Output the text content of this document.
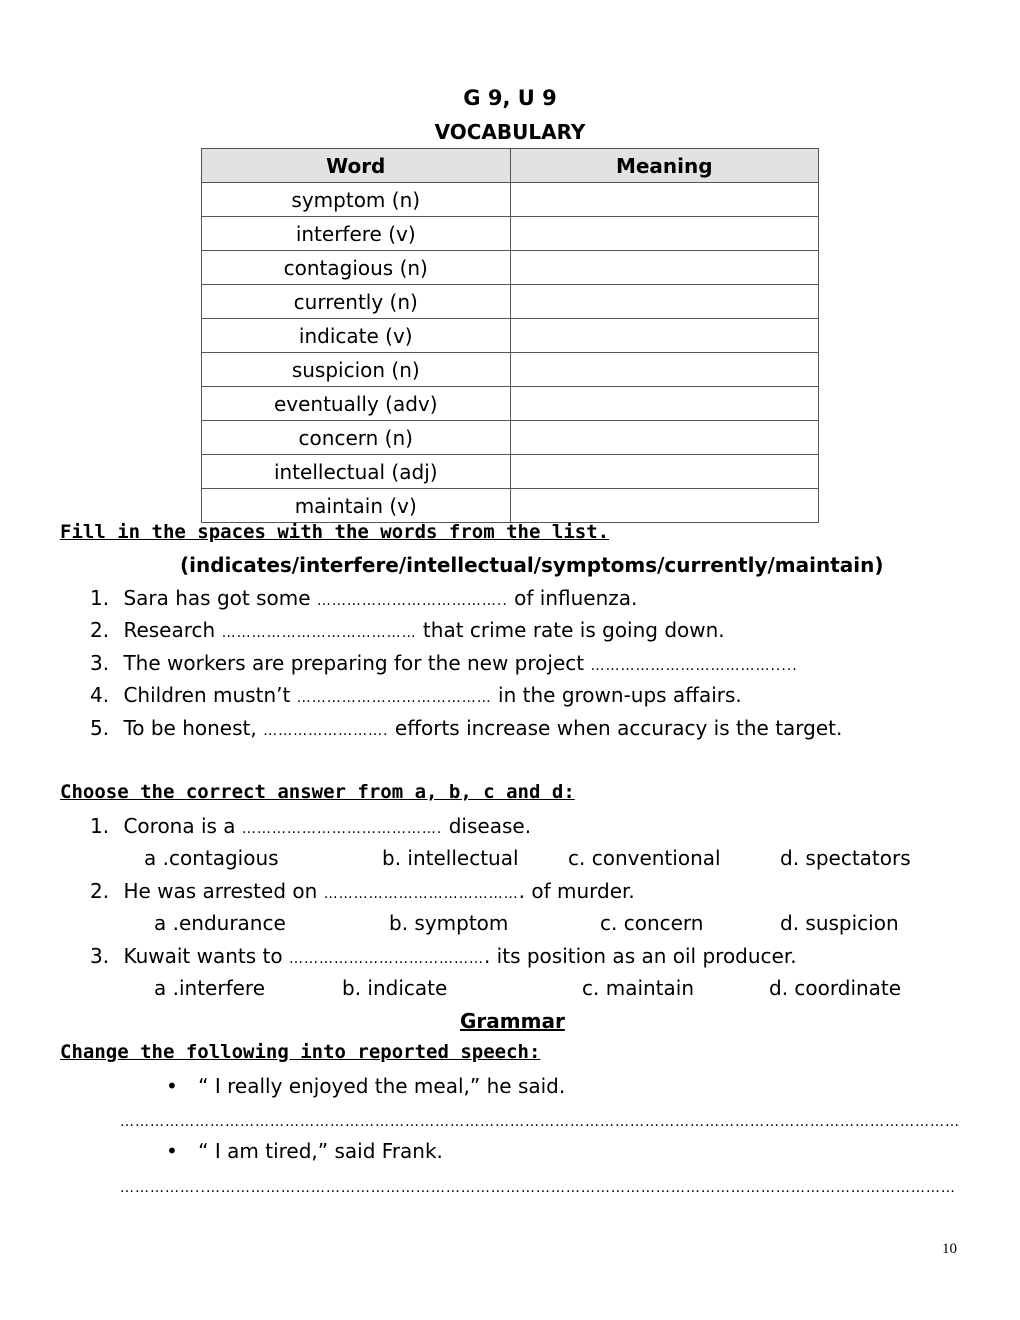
G 9, U 9
VOCABULARY
Word	Meaning
symptom (n)	
interfere (v)	
contagious (n)	
currently (n)	
indicate (v)	
suspicion (n)	
eventually (adv)	
concern (n)	
intellectual (adj)	
maintain (v)	
Fill in the spaces with the words from the list.
(indicates/interfere/intellectual/symptoms/currently/maintain)
1. Sara has got some ……………………………….. of influenza.
2. Research ………………………………… that crime rate is going down.
3. The workers are preparing for the new project ……………………………….....
4. Children mustn’t ………………………………… in the grown-ups affairs.
5. To be honest, ……………………. efforts increase when accuracy is the target.
Choose the correct answer from a, b, c and d:
1. Corona is a …………………………………. disease.
a .contagious	b. intellectual c. conventional	d. spectators
2. He was arrested on …………………………………. of murder.
a .endurance	b. symptom	c. concern	d. suspicion
3. Kuwait wants to …………………………………. its position as an oil producer.
a .interfere	b. indicate	c. maintain	d. coordinate
Grammar
Change the following into reported speech:
• “ I really enjoyed the meal,” he said.
……………………………………………………………………………………………………………………………………………………
• “ I am tired,” said Frank.
……………..……………………………………………………………………………………………………………………………………
10
